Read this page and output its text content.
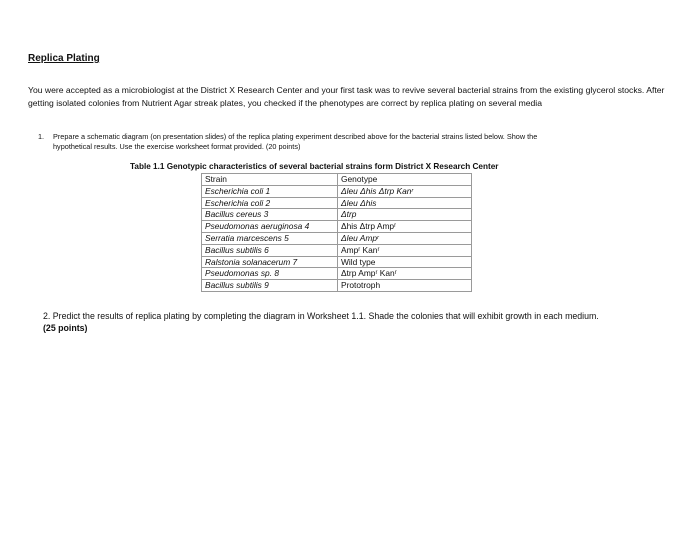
Replica Plating
You were accepted as a microbiologist at the District X Research Center and your first task was to revive several bacterial strains from the existing glycerol stocks. After getting isolated colonies from Nutrient Agar streak plates, you checked if the phenotypes are correct by replica plating on several media
1. Prepare a schematic diagram (on presentation slides) of the replica plating experiment described above for the bacterial strains listed below. Show the
hypothetical results. Use the exercise worksheet format provided. (20 points)
Table 1.1 Genotypic characteristics of several bacterial strains form District X Research Center
Strain	Genotype
Escherichia coli 1	Δleu Δhis Δtrp Kanʳ
Escherichia coli 2	Δleu Δhis
Bacillus cereus 3	Δtrp
Pseudomonas aeruginosa 4	Δhis Δtrp Ampʳ
Serratia marcescens 5	Δleu Ampʳ
Bacillus subtilis 6	Ampʳ Kanʳ
Ralstonia solanacerum 7	Wild type
Pseudomonas sp. 8	Δtrp Ampʳ Kanʳ
Bacillus subtilis 9	Prototroph
2. Predict the results of replica plating by completing the diagram in Worksheet 1.1. Shade the colonies that will exhibit growth in each medium.
(25 points)
